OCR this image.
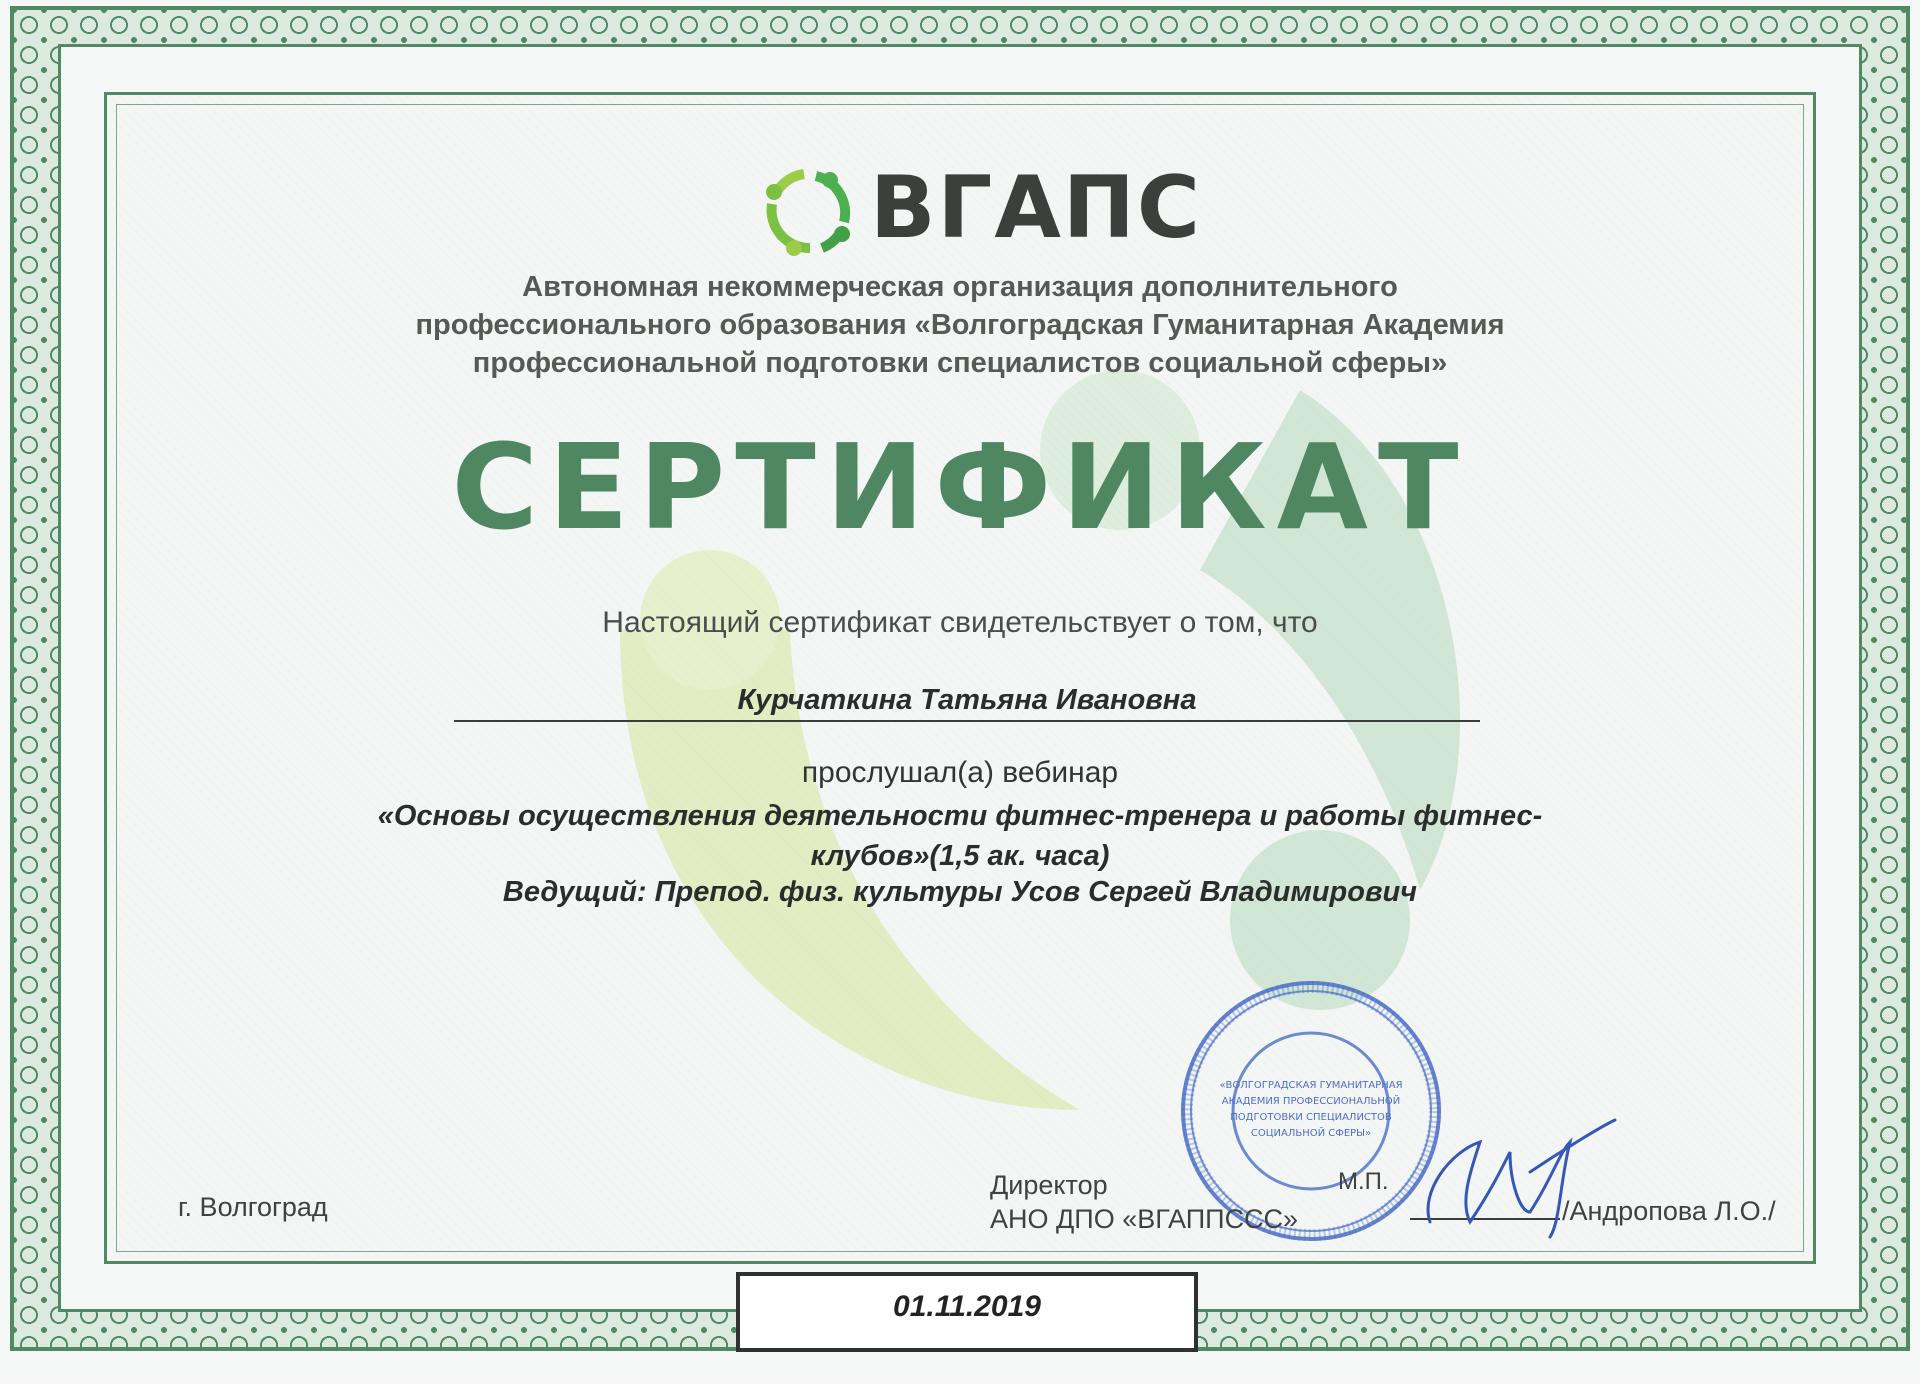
ВГАПС
Автономная некоммерческая организация дополнительного
профессионального образования «Волгоградская Гуманитарная Академия
профессиональной подготовки специалистов социальной сферы»
СЕРТИФИКАТ
Настоящий сертификат свидетельствует о том, что
Курчаткина Татьяна Ивановна
прослушал(а) вебинар
«Основы осуществления деятельности фитнес-тренера и работы фитнес-
клубов»(1,5 ак. часа)
Ведущий: Препод. физ. культуры Усов Сергей Владимирович
г. Волгоград
«ВОЛГОГРАДСКАЯ ГУМАНИТАРНАЯ
АКАДЕМИЯ ПРОФЕССИОНАЛЬНОЙ
ПОДГОТОВКИ СПЕЦИАЛИСТОВ
СОЦИАЛЬНОЙ СФЕРЫ»
Директор
АНО ДПО «ВГАППССС»
М.П.
/Андропова Л.О./
01.11.2019
